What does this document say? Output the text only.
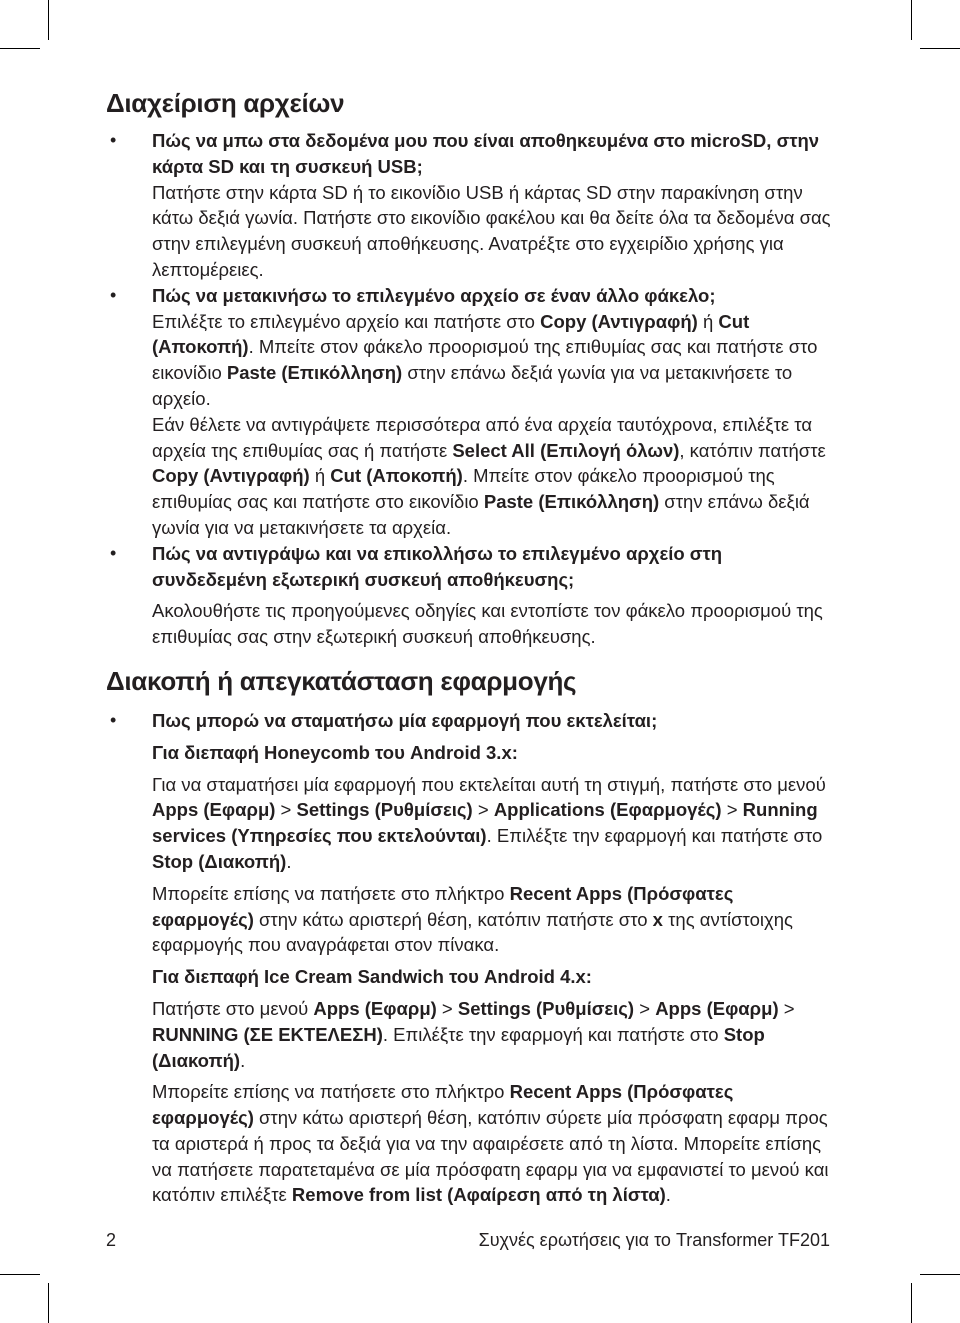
Διαχείριση αρχείων
• Πώς να μπω στα δεδομένα μου που είναι αποθηκευμένα στο microSD, στην κάρτα SD και τη συσκευή USB;

Πατήστε στην κάρτα SD ή το εικονίδιο USB ή κάρτας SD στην παρακίνηση στην κάτω δεξιά γωνία. Πατήστε στο εικονίδιο φακέλου και θα δείτε όλα τα δεδομένα σας στην επιλεγμένη συσκευή αποθήκευσης. Ανατρέξτε στο εγχειρίδιο χρήσης για λεπτομέρειες.

• Πώς να μετακινήσω το επιλεγμένο αρχείο σε έναν άλλο φάκελο;

Επιλέξτε το επιλεγμένο αρχείο και πατήστε στο Copy (Αντιγραφή) ή Cut (Αποκοπή). Μπείτε στον φάκελο προορισμού της επιθυμίας σας και πατήστε στο εικονίδιο Paste (Επικόλληση) στην επάνω δεξιά γωνία για να μετακινήσετε το αρχείο.

Εάν θέλετε να αντιγράψετε περισσότερα από ένα αρχεία ταυτόχρονα, επιλέξτε τα αρχεία της επιθυμίας σας ή πατήστε Select All (Επιλογή όλων), κατόπιν πατήστε Copy (Αντιγραφή) ή Cut (Αποκοπή). Μπείτε στον φάκελο προορισμού της επιθυμίας σας και πατήστε στο εικονίδιο Paste (Επικόλληση) στην επάνω δεξιά γωνία για να μετακινήσετε τα αρχεία.

• Πώς να αντιγράψω και να επικολλήσω το επιλεγμένο αρχείο στη συνδεδεμένη εξωτερική συσκευή αποθήκευσης;

Ακολουθήστε τις προηγούμενες οδηγίες και εντοπίστε τον φάκελο προορισμού της επιθυμίας σας στην εξωτερική συσκευή αποθήκευσης.

Διακοπή ή απεγκατάσταση εφαρμογής
• Πως μπορώ να σταματήσω μία εφαρμογή που εκτελείται;

Για διεπαφή Honeycomb του Android 3.x:

Για να σταματήσει μία εφαρμογή που εκτελείται αυτή τη στιγμή, πατήστε στο μενού Apps (Εφαρμ) > Settings (Ρυθμίσεις) > Applications (Εφαρμογές) > Running services (Υπηρεσίες που εκτελούνται). Επιλέξτε την εφαρμογή και πατήστε στο Stop (Διακοπή).

Μπορείτε επίσης να πατήσετε στο πλήκτρο Recent Apps (Πρόσφατες εφαρμογές) στην κάτω αριστερή θέση, κατόπιν πατήστε στο x της αντίστοιχης εφαρμογής που αναγράφεται στον πίνακα.

Για διεπαφή Ice Cream Sandwich του Android 4.x:

Πατήστε στο μενού Apps (Εφαρμ) > Settings (Ρυθμίσεις) > Apps (Εφαρμ) > RUNNING (ΣΕ ΕΚΤΕΛΕΣΗ). Επιλέξτε την εφαρμογή και πατήστε στο Stop (Διακοπή).

Μπορείτε επίσης να πατήσετε στο πλήκτρο Recent Apps (Πρόσφατες εφαρμογές) στην κάτω αριστερή θέση, κατόπιν σύρετε μία πρόσφατη εφαρμ προς τα αριστερά ή προς τα δεξιά για να την αφαιρέσετε από τη λίστα. Μπορείτε επίσης να πατήσετε παρατεταμένα σε μία πρόσφατη εφαρμ για να εμφανιστεί το μενού και κατόπιν επιλέξτε Remove from list (Αφαίρεση από τη λίστα).

2	Συχνές ερωτήσεις για το Transformer TF201
